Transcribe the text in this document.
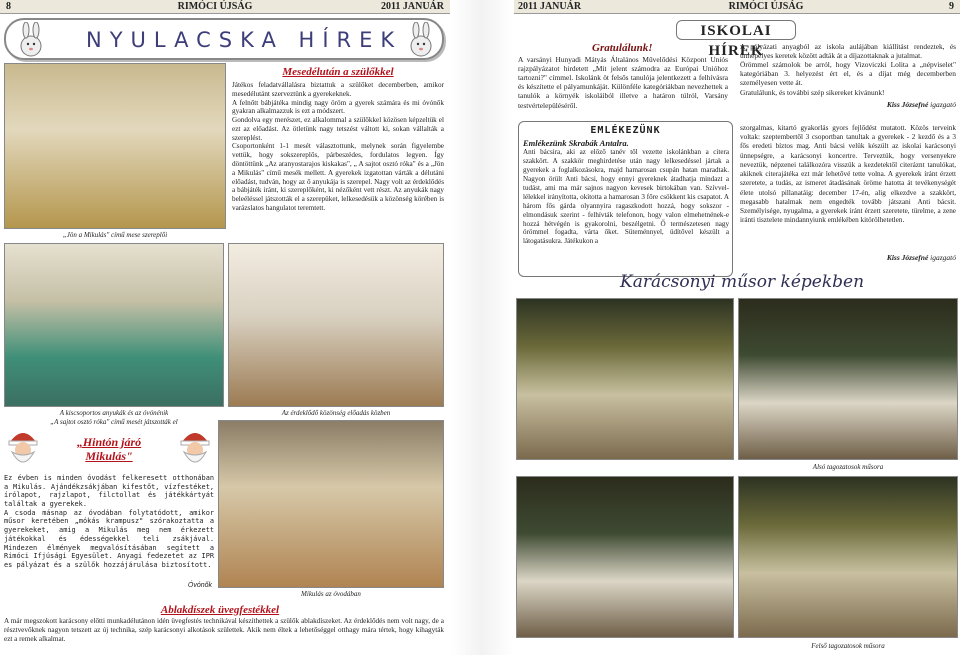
8	RIMÓCI ÚJSÁG	2011 JANUÁR
NYULACSKA HÍREK
„Jön a Mikulás" című mese szereplői
Mesedélután a szülőkkel
Játékos feladatvállalásra biztattuk a szülőket decemberben, amikor mesedélutánt szerveztünk a gyerekeknek.
A felnőtt bábjátéka mindig nagy öröm a gyerek számára és mi óvónők gyakran alkalmazzuk is ezt a módszert.
Gondolva egy merészet, ez alkalommal a szülőkkel közösen képzeltük el ezt az előadást. Az ötletünk nagy tetszést váltott ki, sokan vállalták a szereplést.
Csoportonként 1-1 mesét választottunk, melynek során figyelembe vettük, hogy sokszereplős, párbeszédes, fordulatos legyen. Így döntöttünk „Az aranyostarajos kiskakas", „ A sajtot osztó róka" és a „Jön a Mikulás" című mesék mellett. A gyerekek izgatottan várták a délutáni előadást, tudván, hogy az ő anyukája is szerepel. Nagy volt az érdeklődés a bábjáték iránt, ki szereplőként, ki nézőként vett részt. Az anyukák nagy beleéléssel játszották el a szerepüket, lelkesedésük a közönség körében is varázslatos hangulatot teremtett.
A kiscsoportos anyukák és az óvónénik
„A sajtot osztó róka" című mesét játszották el
Az érdeklődő közönség előadás közben
„Hintón járó
Mikulás"
Ez évben is minden óvodást felkeresett otthonában a Mikulás. Ajándékzsákjában kifestőt, vízfestéket, írólapot, rajzlapot, filctollat és játékkártyát találtak a gyerekek.
A csoda másnap az óvodában folytatódott, amikor műsor keretében „mókás krampusz" szórakoztatta a gyerekeket, amig a Mikulás meg nem érkezett játékokkal és édességekkel teli zsákjával. Mindezen élmények megvalósításában segített a Rimóci Ifjúsági Egyesület. Anyagi fedezetet az IPR es pályázat és a szülők hozzájárulása biztosított.
Óvónők
Mikulás az óvodában
Ablakdíszek üvegfestékkel
A már megszokott karácsony előtti munkadélutánon idén üvegfestés technikával készíthettek a szülők ablakdíszeket. Az érdeklődés nem volt nagy, de a résztvevőknek nagyon tetszett az új technika, szép karácsonyi alkotások születtek. Akik nem éltek a lehetőséggel otthagy mára tértek, hogy kihagyták ezt a remek alkalmat.
2011 JANUÁR	RIMÓCI ÚJSÁG	9
ISKOLAI HÍREK
Gratulálunk!
A varsányi Hunyadi Mátyás Általános Művelődési Központ Uniós rajzpályázatot hirdetett „Mit jelent számodra az Európai Unióhoz tartozni?" címmel. Iskolánk öt felsős tanulója jelentkezett a felhívásra és készítette el pályamunkáját. Különféle kategóriákban nevezhettek a tanulók a környék iskoláiból illetve a határon túlról, Varsány testvértelepüléséről.
A pályázati anyagból az iskola aulájában kiállítást rendeztek, és ünnepélyes keretek között adták át a díjazottaknak a jutalmat.
Örömmel számolok be arról, hogy Vizoviczki Lolita a „népviselet" kategóriában 3. helyezést ért el, és a díjat még decemberben személyesen vette át.
Gratulálunk, és további szép sikereket kívánunk!
Kiss Józsefné igazgató
EMLÉKEZÜNK
Emlékezünk Skrabák Antalra.
Anti bácsira, aki az előző tanév től vezette iskolánkban a citera szakkört. A szakkör meghirdetése után nagy lelkesedéssel jártak a gyerekek a foglalkozásokra, majd hamarosan csupán hatan maradtak. Nagyon örült Anti bácsi, hogy ennyi gyereknek átadhatja mindazt a tudást, ami ma már sajnos nagyon kevesek birtokában van. Szívvel-lélekkel irányította, okította a hamarosan 3 főre csökkent kis csapatot. A három fős gárda olyannyira ragaszkodott hozzá, hogy sokszor - elmondásuk szerint - felhívták telefonon, hogy valon elmehetnének-e hozzá hétvégén is gyakorolni, beszélgetni. Ő természetesen nagy örömmel fogadta, várta őket. Süteménnyel, üdítővel készült a látogatásukra. Játékukon a
szorgalmas, kitartó gyakorlás gyors fejlődést mutatott. Közös terveink voltak: szeptembertől 3 csoportban tanultak a gyerekek - 2 kezdő és a 3 fős eredeti bíztos mag. Anti bácsi velük készült az iskolai karácsonyi ünnepségre, a karácsonyi koncertre. Terveztük, hogy versenyekre neveztük, népzenei találkozóra visszük a kezdetektől citeráznt tanulókat, akiknek citerajátéka ezt már lehetővé tette volna. A gyerekek íránt érzett szeretete, a tudás, az ismeret átadásának öröme hatotta át tevékenységét élete utolsó pillanatáig: december 17-én, alig elkezdve a szakkört, megasabb hatalmak nem engedték tovább játszani Anti bácsit. Személyisége, nyugalma, a gyerekek iránt érzett szeretete, türelme, a zene iránti tisztelete mindannyiunk emlékében kitörölhetetlen.
Kiss Józsefné igazgató
Karácsonyi műsor képekben
Alsó tagozatosok műsora
Felső tagozatosok műsora
